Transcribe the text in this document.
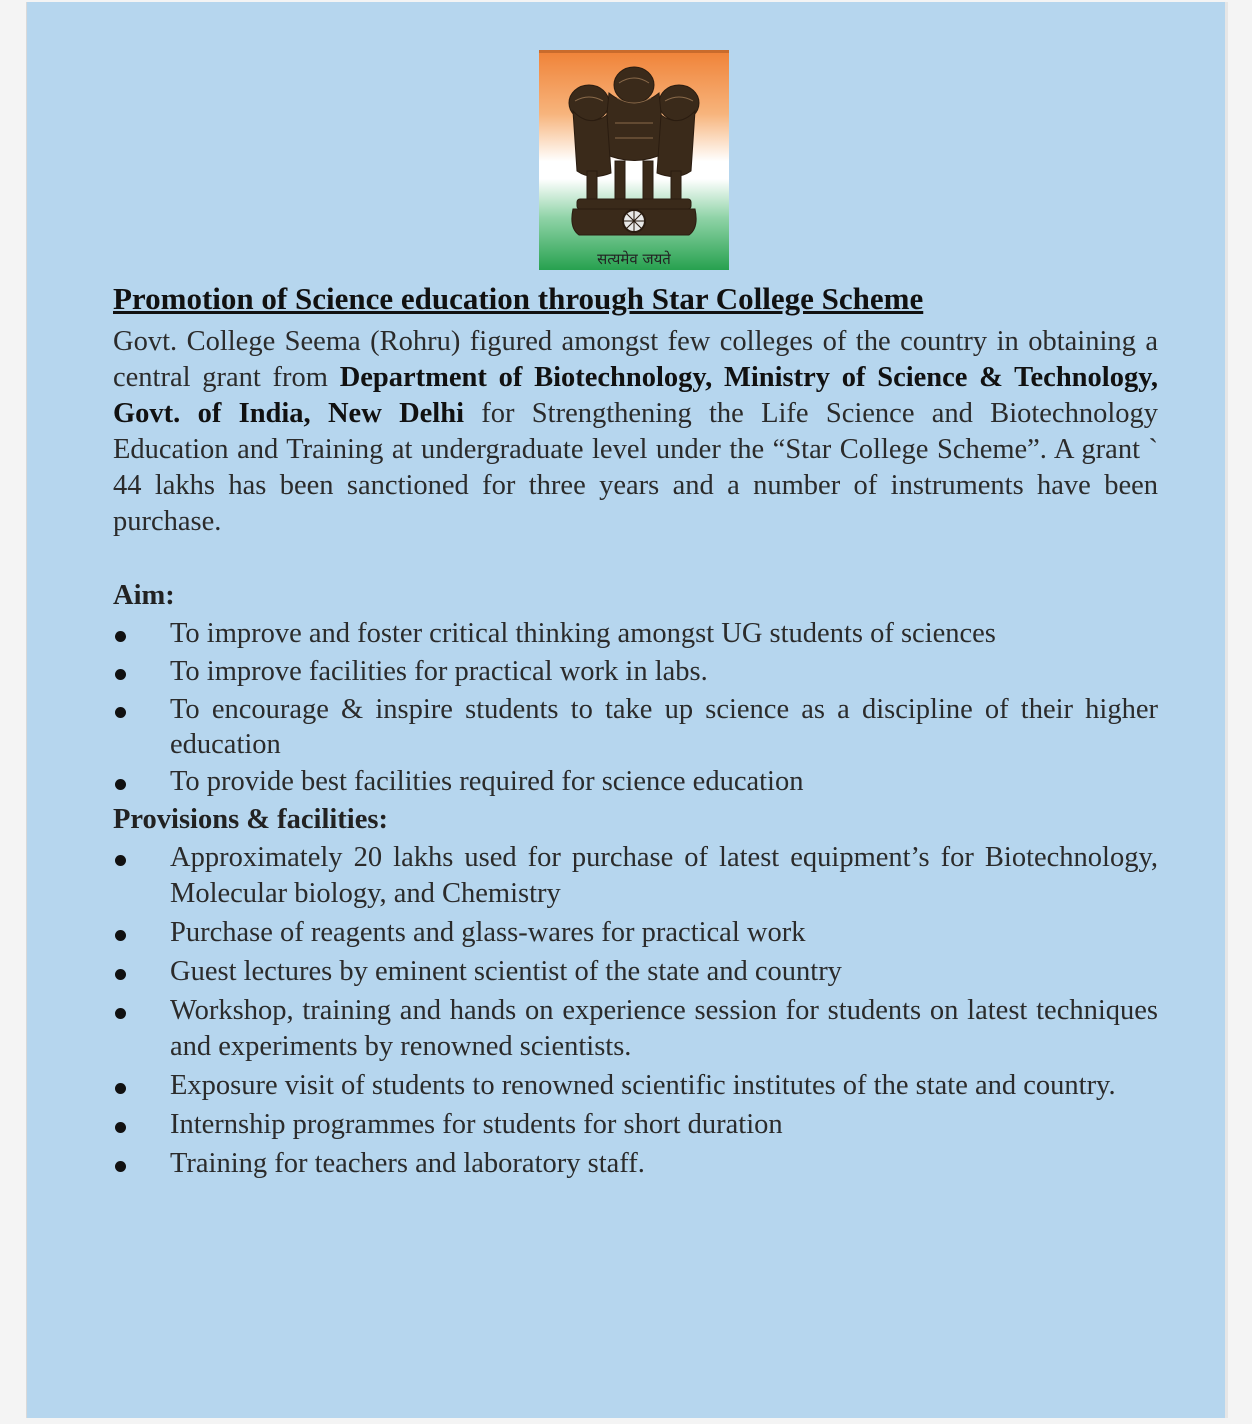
सत्यमेव जयते
Promotion of Science education through Star College Scheme

Govt. College Seema (Rohru) figured amongst few colleges of the country in obtaining a central grant from Department of Biotechnology, Ministry of Science & Technology, Govt. of India, New Delhi for Strengthening the Life Science and Biotechnology Education and Training at undergraduate level under the “Star College Scheme”. A grant ` 44 lakhs has been sanctioned for three years and a number of instruments have been purchase.

Aim:

To improve and foster critical thinking amongst UG students of sciences
To improve facilities for practical work in labs.
To encourage & inspire students to take up science as a discipline of their higher education
To provide best facilities required for science education

Provisions & facilities:

Approximately 20 lakhs used for purchase of latest equipment’s for Biotechnology, Molecular biology, and Chemistry
Purchase of reagents and glass-wares for practical work
Guest lectures by eminent scientist of the state and country
Workshop, training and hands on experience session for students on latest techniques and experiments by renowned scientists.
Exposure visit of students to renowned scientific institutes of the state and country.
Internship programmes for students for short duration
Training for teachers and laboratory staff.
